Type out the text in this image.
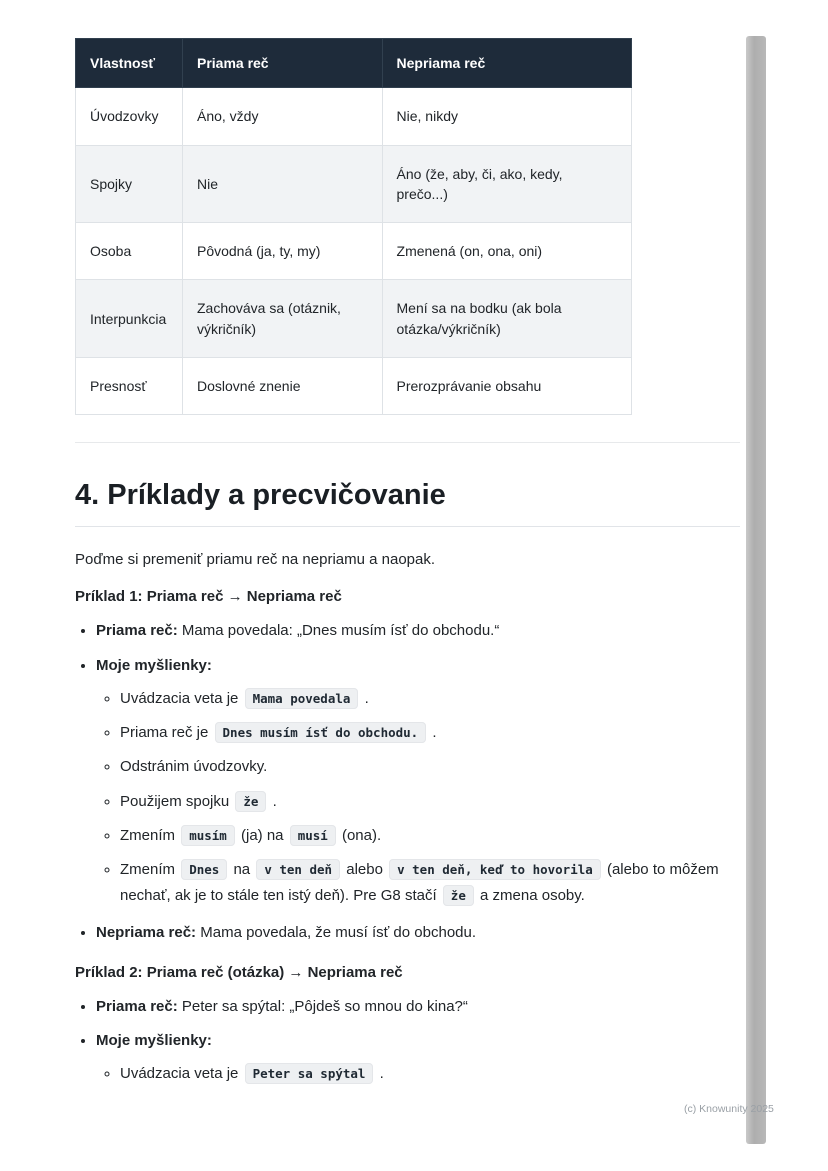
Vlastnosť	Priama reč	Nepriama reč
Úvodzovky	Áno, vždy	Nie, nikdy
Spojky	Nie	Áno (že, aby, či, ako, kedy, prečo...)
Osoba	Pôvodná (ja, ty, my)	Zmenená (on, ona, oni)
Interpunkcia	Zachováva sa (otáznik, výkričník)	Mení sa na bodku (ak bola otázka/výkričník)
Presnosť	Doslovné znenie	Prerozprávanie obsahu
4. Príklady a precvičovanie

Poďme si premeniť priamu reč na nepriamu a naopak.

Príklad 1: Priama reč → Nepriama reč

• Priama reč: Mama povedala: „Dnes musím ísť do obchodu.“
• Moje myšlienky:
◦ Uvádzacia veta je Mama povedala .
◦ Priama reč je Dnes musím ísť do obchodu. .
◦ Odstránim úvodzovky.
◦ Použijem spojku že .
◦ Zmením musím (ja) na musí (ona).
◦ Zmením Dnes na v ten deň alebo v ten deň, keď to hovorila (alebo to môžem nechať, ak je to stále ten istý deň). Pre G8 stačí že a zmena osoby.
• Nepriama reč: Mama povedala, že musí ísť do obchodu.

Príklad 2: Priama reč (otázka) → Nepriama reč

• Priama reč: Peter sa spýtal: „Pôjdeš so mnou do kina?“
• Moje myšlienky:
◦ Uvádzacia veta je Peter sa spýtal .
(c) Knowunity 2025
